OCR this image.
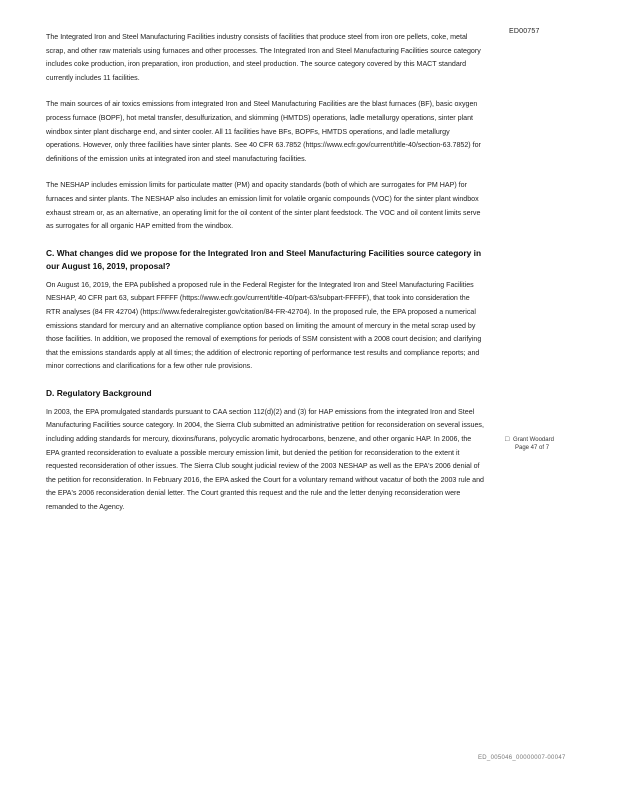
ED00757

The Integrated Iron and Steel Manufacturing Facilities industry consists of facilities that produce steel from iron ore pellets, coke, metal scrap, and other raw materials using furnaces and other processes. The Integrated Iron and Steel Manufacturing Facilities source category includes coke production, iron preparation, iron production, and steel production. The source category covered by this MACT standard currently includes 11 facilities.

The main sources of air toxics emissions from integrated Iron and Steel Manufacturing Facilities are the blast furnaces (BF), basic oxygen process furnace (BOPF), hot metal transfer, desulfurization, and skimming (HMTDS) operations, ladle metallurgy operations, sinter plant windbox sinter plant discharge end, and sinter cooler. All 11 facilities have BFs, BOPFs, HMTDS operations, and ladle metallurgy operations. However, only three facilities have sinter plants. See 40 CFR 63.7852 (https://www.ecfr.gov/current/title-40/section-63.7852) for definitions of the emission units at integrated iron and steel manufacturing facilities.

The NESHAP includes emission limits for particulate matter (PM) and opacity standards (both of which are surrogates for PM HAP) for furnaces and sinter plants. The NESHAP also includes an emission limit for volatile organic compounds (VOC) for the sinter plant windbox exhaust stream or, as an alternative, an operating limit for the oil content of the sinter plant feedstock. The VOC and oil content limits serve as surrogates for all organic HAP emitted from the windbox.

C. What changes did we propose for the Integrated Iron and Steel Manufacturing Facilities source category in our August 16, 2019, proposal?

On August 16, 2019, the EPA published a proposed rule in the Federal Register for the Integrated Iron and Steel Manufacturing Facilities NESHAP, 40 CFR part 63, subpart FFFFF (https://www.ecfr.gov/current/title-40/part-63/subpart-FFFFF), that took into consideration the RTR analyses (84 FR 42704) (https://www.federalregister.gov/citation/84-FR-42704). In the proposed rule, the EPA proposed a numerical emissions standard for mercury and an alternative compliance option based on limiting the amount of mercury in the metal scrap used by those facilities. In addition, we proposed the removal of exemptions for periods of SSM consistent with a 2008 court decision; and clarifying that the emissions standards apply at all times; the addition of electronic reporting of performance test results and compliance reports; and minor corrections and clarifications for a few other rule provisions.

D. Regulatory Background

In 2003, the EPA promulgated standards pursuant to CAA section 112(d)(2) and (3) for HAP emissions from the integrated Iron and Steel Manufacturing Facilities source category. In 2004, the Sierra Club submitted an administrative petition for reconsideration on several issues, including adding standards for mercury, dioxins/furans, polycyclic aromatic hydrocarbons, benzene, and other organic HAP. In 2006, the EPA granted reconsideration to evaluate a possible mercury emission limit, but denied the petition for reconsideration to the extent it requested reconsideration of other issues. The Sierra Club sought judicial review of the 2003 NESHAP as well as the EPA's 2006 denial of the petition for reconsideration. In February 2016, the EPA asked the Court for a voluntary remand without vacatur of both the 2003 rule and the EPA's 2006 reconsideration denial letter. The Court granted this request and the rule and the letter denying reconsideration were remanded to the Agency.

□ Grant Woodard
Page 47 of 7
ED_005046_00000007-00047
